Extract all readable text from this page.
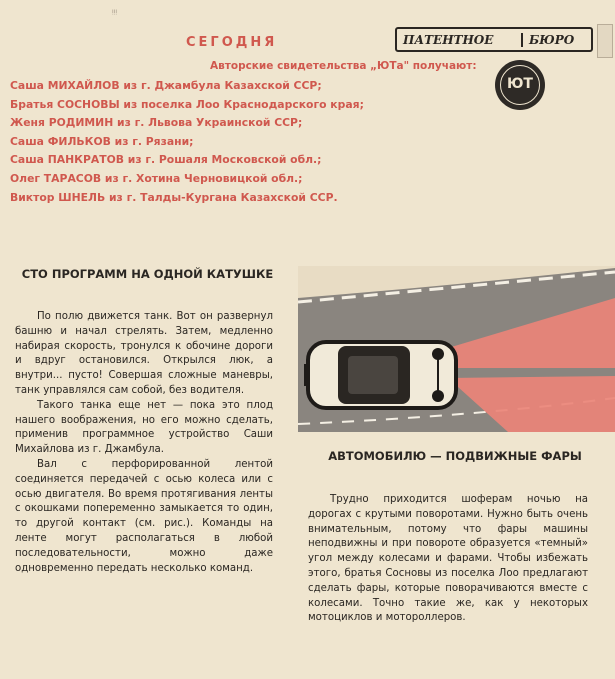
ᴉᴉᴉ
СЕГОДНЯ
Авторские свидетельства „ЮТа" получают:
Саша МИХАЙЛОВ из г. Джамбула Казахской ССР;
Братья СОСНОВЫ из поселка Лоо Краснодарского края;
Женя РОДИМИН из г. Львова Украинской ССР;
Саша ФИЛЬКОВ из г. Рязани;
Саша ПАНКРАТОВ из г. Рошаля Московской обл.;
Олег ТАРАСОВ из г. Хотина Черновицкой обл.;
Виктор ШНЕЛЬ из г. Талды-Кургана Казахской ССР.
ПАТЕНТНОЕ	БЮРО
ЮТ
СТО ПРОГРАММ НА ОДНОЙ КАТУШКЕ

По полю движется танк. Вот он развернул башню и начал стрелять. Затем, медленно набирая скорость, тронулся к обочине дороги и вдруг остановился. Открылся люк, а внутри... пусто! Совершая сложные маневры, танк управлялся сам собой, без водителя.

Такого танка еще нет — пока это плод нашего воображения, но его можно сделать, применив программное устройство Саши Михайлова из г. Джамбула.

Вал с перфорированной лентой соединяется передачей с осью колеса или с осью двигателя. Во время протягивания ленты с окошками попеременно замыкается то один, то другой контакт (см. рис.). Команды на ленте могут располагаться в любой последовательности, можно даже одновременно передать несколько команд.

АВТОМОБИЛЮ — ПОДВИЖНЫЕ ФАРЫ

Трудно приходится шоферам ночью на дорогах с крутыми поворотами. Нужно быть очень внимательным, потому что фары машины неподвижны и при повороте образуется «темный» угол между колесами и фарами. Чтобы избежать этого, братья Сосновы из поселка Лоо предлагают сделать фары, которые поворачиваются вместе с колесами. Точно такие же, как у некоторых мотоциклов и мотороллеров.
